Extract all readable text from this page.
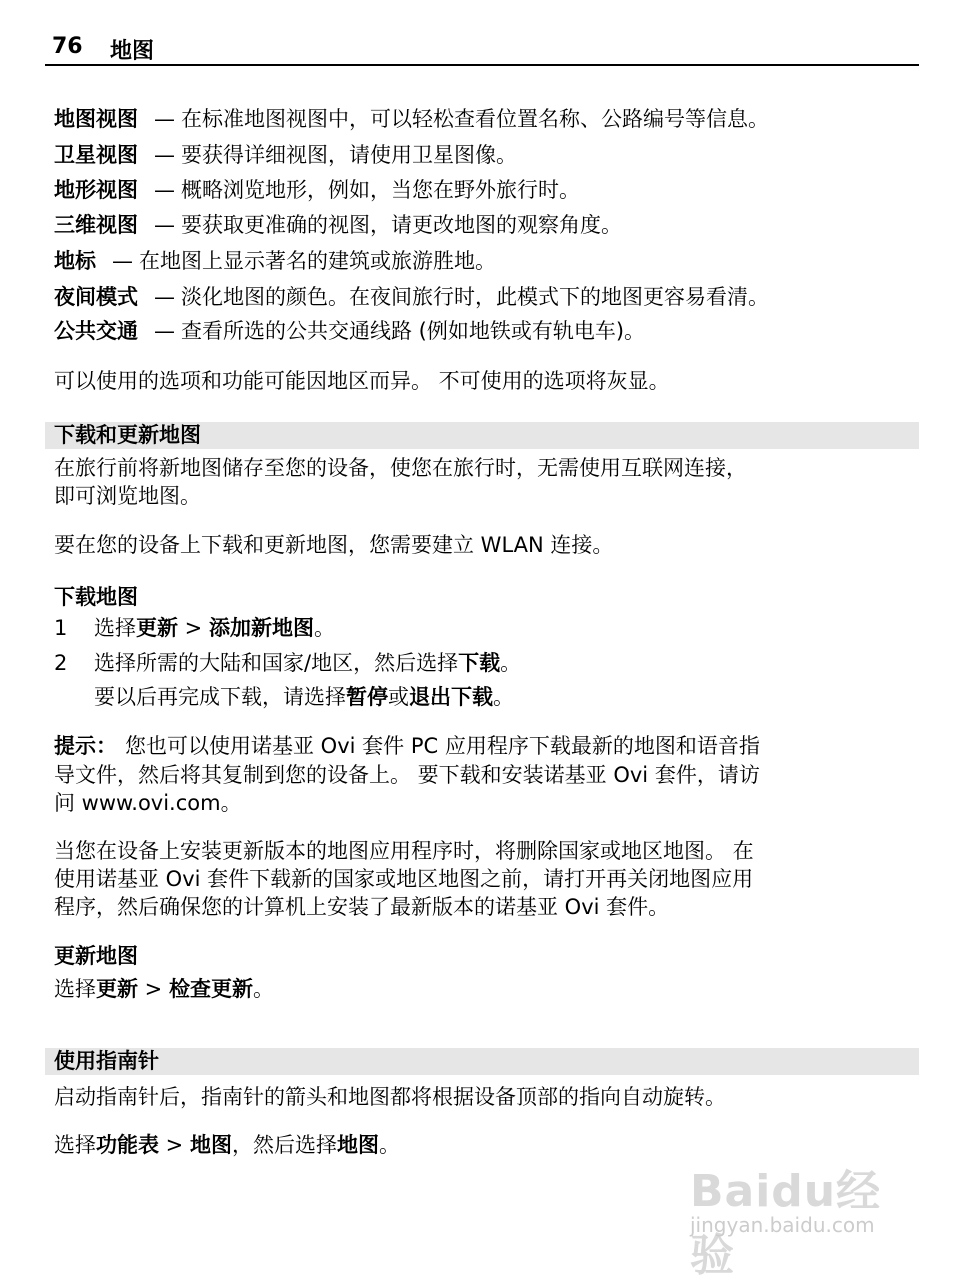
76 地图
地图视图 — 在标准地图视图中，可以轻松查看位置名称、公路编号等信息。
卫星视图 — 要获得详细视图，请使用卫星图像。
地形视图 — 概略浏览地形，例如，当您在野外旅行时。
三维视图 — 要获取更准确的视图，请更改地图的观察角度。
地标 — 在地图上显示著名的建筑或旅游胜地。
夜间模式 — 淡化地图的颜色。在夜间旅行时，此模式下的地图更容易看清。
公共交通 — 查看所选的公共交通线路 (例如地铁或有轨电车)。
可以使用的选项和功能可能因地区而异。 不可使用的选项将灰显。
下载和更新地图
在旅行前将新地图储存至您的设备，使您在旅行时，无需使用互联网连接，
即可浏览地图。
要在您的设备上下载和更新地图，您需要建立 WLAN 连接。
下载地图
1 选择更新 > 添加新地图。
2 选择所需的大陆和国家/地区，然后选择下载。
要以后再完成下载，请选择暂停或退出下载。
提示： 您也可以使用诺基亚 Ovi 套件 PC 应用程序下载最新的地图和语音指
导文件，然后将其复制到您的设备上。 要下载和安装诺基亚 Ovi 套件，请访
问 www.ovi.com。
当您在设备上安装更新版本的地图应用程序时，将删除国家或地区地图。 在
使用诺基亚 Ovi 套件下载新的国家或地区地图之前，请打开再关闭地图应用
程序，然后确保您的计算机上安装了最新版本的诺基亚 Ovi 套件。
更新地图
选择更新 > 检查更新。
使用指南针
启动指南针后，指南针的箭头和地图都将根据设备顶部的指向自动旋转。
选择功能表 > 地图，然后选择地图。
Baidu经验
jingyan.baidu.com
